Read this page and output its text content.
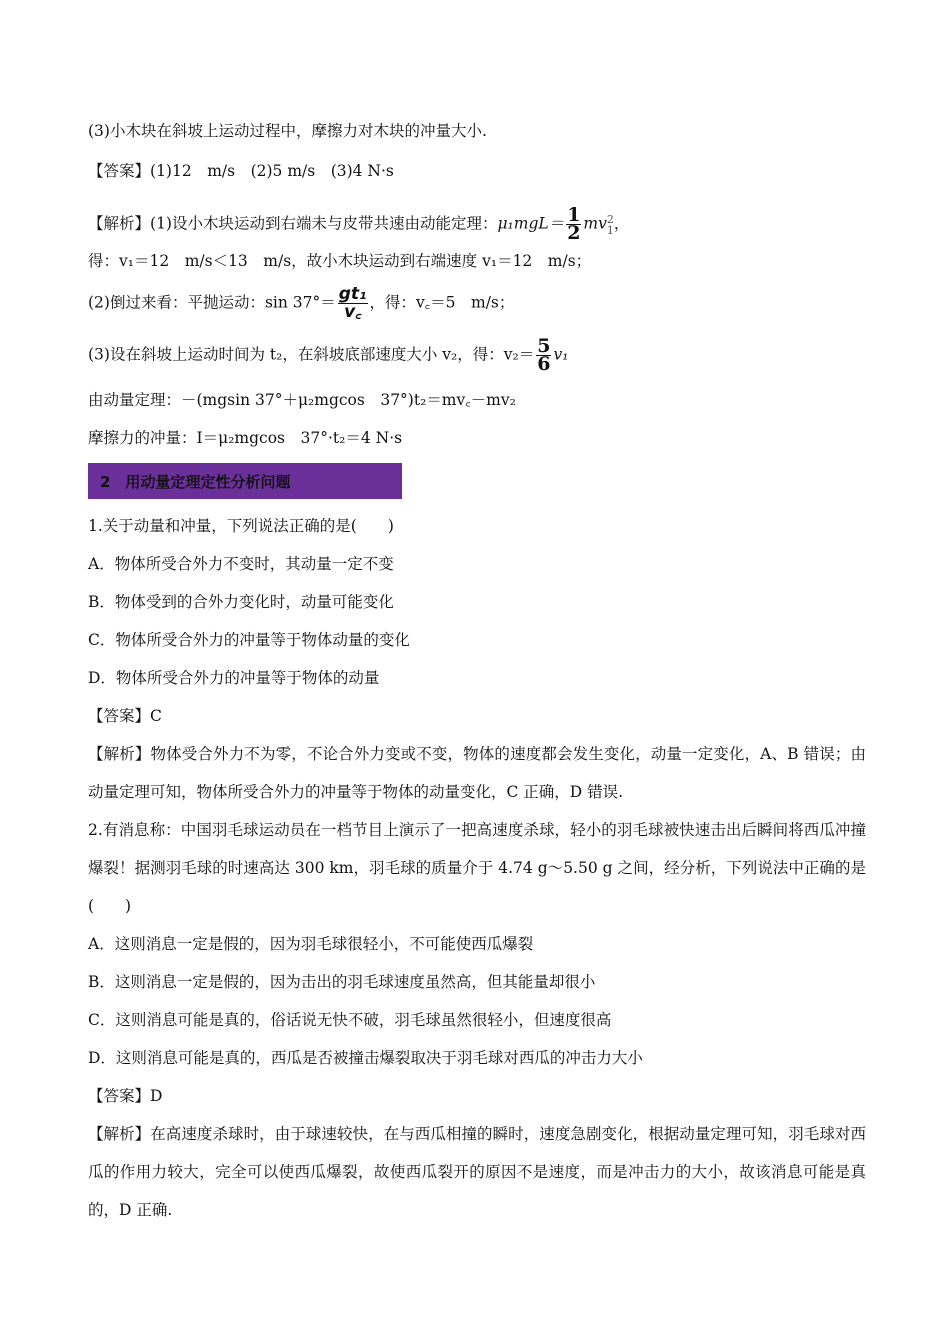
(3)小木块在斜坡上运动过程中，摩擦力对木块的冲量大小.
【答案】(1)12　m/s　(2)5 m/s　(3)4 N·s
【解析】(1)设小木块运动到右端未与皮带共速由动能定理：$\mu_1mgL= \frac{1}{2}$ mv 2
1 ，
得：v₁＝12　m/s＜13　m/s，故小木块运动到右端速度 v₁＝12　m/s；
(2)倒过来看：平抛运动：$\sin 37^\circ= \frac{\text{gt₁}}{v꜀}$ ，得：v꜀＝5　m/s；
(3)设在斜坡上运动时间为 t₂，在斜坡底部速度大小 v₂，得：$v_2= \frac{5}{6} v_1$
由动量定理：－(mgsin 37°＋μ₂mgcos　37°)t₂＝mv꜀－mv₂
摩擦力的冲量：I＝μ₂mgcos　37°·t₂＝4 N·s
2　用动量定理定性分析问题
1.关于动量和冲量，下列说法正确的是(　　)
A．物体所受合外力不变时，其动量一定不变
B．物体受到的合外力变化时，动量可能变化
C．物体所受合外力的冲量等于物体动量的变化
D．物体所受合外力的冲量等于物体的动量
【答案】C
【解析】物体受合外力不为零，不论合外力变或不变，物体的速度都会发生变化，动量一定变化，A、B 错误；由动量定理可知，物体所受合外力的冲量等于物体的动量变化，C 正确，D 错误.
2.有消息称：中国羽毛球运动员在一档节目上演示了一把高速度杀球，轻小的羽毛球被快速击出后瞬间将西瓜冲撞爆裂！据测羽毛球的时速高达 300 km，羽毛球的质量介于 4.74 g～5.50 g 之间，经分析，下列说法中正确的是(　　)
A．这则消息一定是假的，因为羽毛球很轻小，不可能使西瓜爆裂
B．这则消息一定是假的，因为击出的羽毛球速度虽然高，但其能量却很小
C．这则消息可能是真的，俗话说无快不破，羽毛球虽然很轻小，但速度很高
D．这则消息可能是真的，西瓜是否被撞击爆裂取决于羽毛球对西瓜的冲击力大小
【答案】D
【解析】在高速度杀球时，由于球速较快，在与西瓜相撞的瞬时，速度急剧变化，根据动量定理可知，羽毛球对西瓜的作用力较大，完全可以使西瓜爆裂，故使西瓜裂开的原因不是速度，而是冲击力的大小，故该消息可能是真的，D 正确.
